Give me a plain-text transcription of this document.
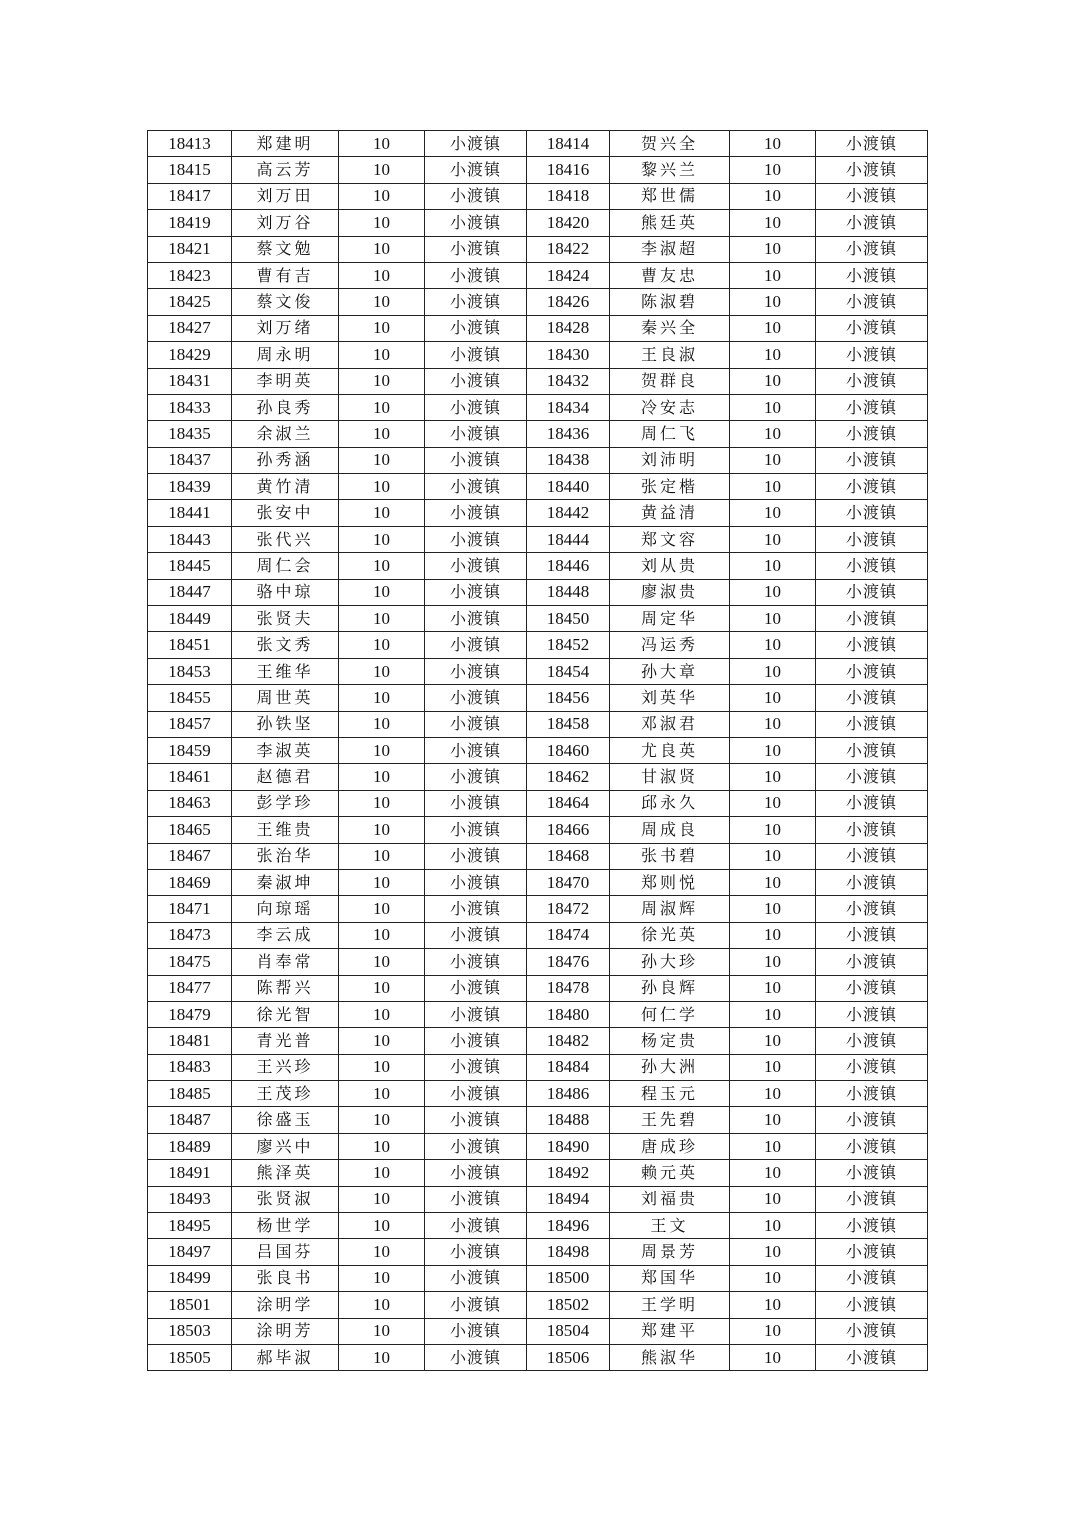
18413	郑建明	10	小渡镇	18414	贺兴全	10	小渡镇
18415	高云芳	10	小渡镇	18416	黎兴兰	10	小渡镇
18417	刘万田	10	小渡镇	18418	郑世儒	10	小渡镇
18419	刘万谷	10	小渡镇	18420	熊廷英	10	小渡镇
18421	蔡文勉	10	小渡镇	18422	李淑超	10	小渡镇
18423	曹有吉	10	小渡镇	18424	曹友忠	10	小渡镇
18425	蔡文俊	10	小渡镇	18426	陈淑碧	10	小渡镇
18427	刘万绪	10	小渡镇	18428	秦兴全	10	小渡镇
18429	周永明	10	小渡镇	18430	王良淑	10	小渡镇
18431	李明英	10	小渡镇	18432	贺群良	10	小渡镇
18433	孙良秀	10	小渡镇	18434	冷安志	10	小渡镇
18435	余淑兰	10	小渡镇	18436	周仁飞	10	小渡镇
18437	孙秀涵	10	小渡镇	18438	刘沛明	10	小渡镇
18439	黄竹清	10	小渡镇	18440	张定楷	10	小渡镇
18441	张安中	10	小渡镇	18442	黄益清	10	小渡镇
18443	张代兴	10	小渡镇	18444	郑文容	10	小渡镇
18445	周仁会	10	小渡镇	18446	刘从贵	10	小渡镇
18447	骆中琼	10	小渡镇	18448	廖淑贵	10	小渡镇
18449	张贤夫	10	小渡镇	18450	周定华	10	小渡镇
18451	张文秀	10	小渡镇	18452	冯运秀	10	小渡镇
18453	王维华	10	小渡镇	18454	孙大章	10	小渡镇
18455	周世英	10	小渡镇	18456	刘英华	10	小渡镇
18457	孙铁坚	10	小渡镇	18458	邓淑君	10	小渡镇
18459	李淑英	10	小渡镇	18460	尤良英	10	小渡镇
18461	赵德君	10	小渡镇	18462	甘淑贤	10	小渡镇
18463	彭学珍	10	小渡镇	18464	邱永久	10	小渡镇
18465	王维贵	10	小渡镇	18466	周成良	10	小渡镇
18467	张治华	10	小渡镇	18468	张书碧	10	小渡镇
18469	秦淑坤	10	小渡镇	18470	郑则悦	10	小渡镇
18471	向琼瑶	10	小渡镇	18472	周淑辉	10	小渡镇
18473	李云成	10	小渡镇	18474	徐光英	10	小渡镇
18475	肖奉常	10	小渡镇	18476	孙大珍	10	小渡镇
18477	陈帮兴	10	小渡镇	18478	孙良辉	10	小渡镇
18479	徐光智	10	小渡镇	18480	何仁学	10	小渡镇
18481	青光普	10	小渡镇	18482	杨定贵	10	小渡镇
18483	王兴珍	10	小渡镇	18484	孙大洲	10	小渡镇
18485	王茂珍	10	小渡镇	18486	程玉元	10	小渡镇
18487	徐盛玉	10	小渡镇	18488	王先碧	10	小渡镇
18489	廖兴中	10	小渡镇	18490	唐成珍	10	小渡镇
18491	熊泽英	10	小渡镇	18492	赖元英	10	小渡镇
18493	张贤淑	10	小渡镇	18494	刘福贵	10	小渡镇
18495	杨世学	10	小渡镇	18496	王文	10	小渡镇
18497	吕国芬	10	小渡镇	18498	周景芳	10	小渡镇
18499	张良书	10	小渡镇	18500	郑国华	10	小渡镇
18501	涂明学	10	小渡镇	18502	王学明	10	小渡镇
18503	涂明芳	10	小渡镇	18504	郑建平	10	小渡镇
18505	郝毕淑	10	小渡镇	18506	熊淑华	10	小渡镇
